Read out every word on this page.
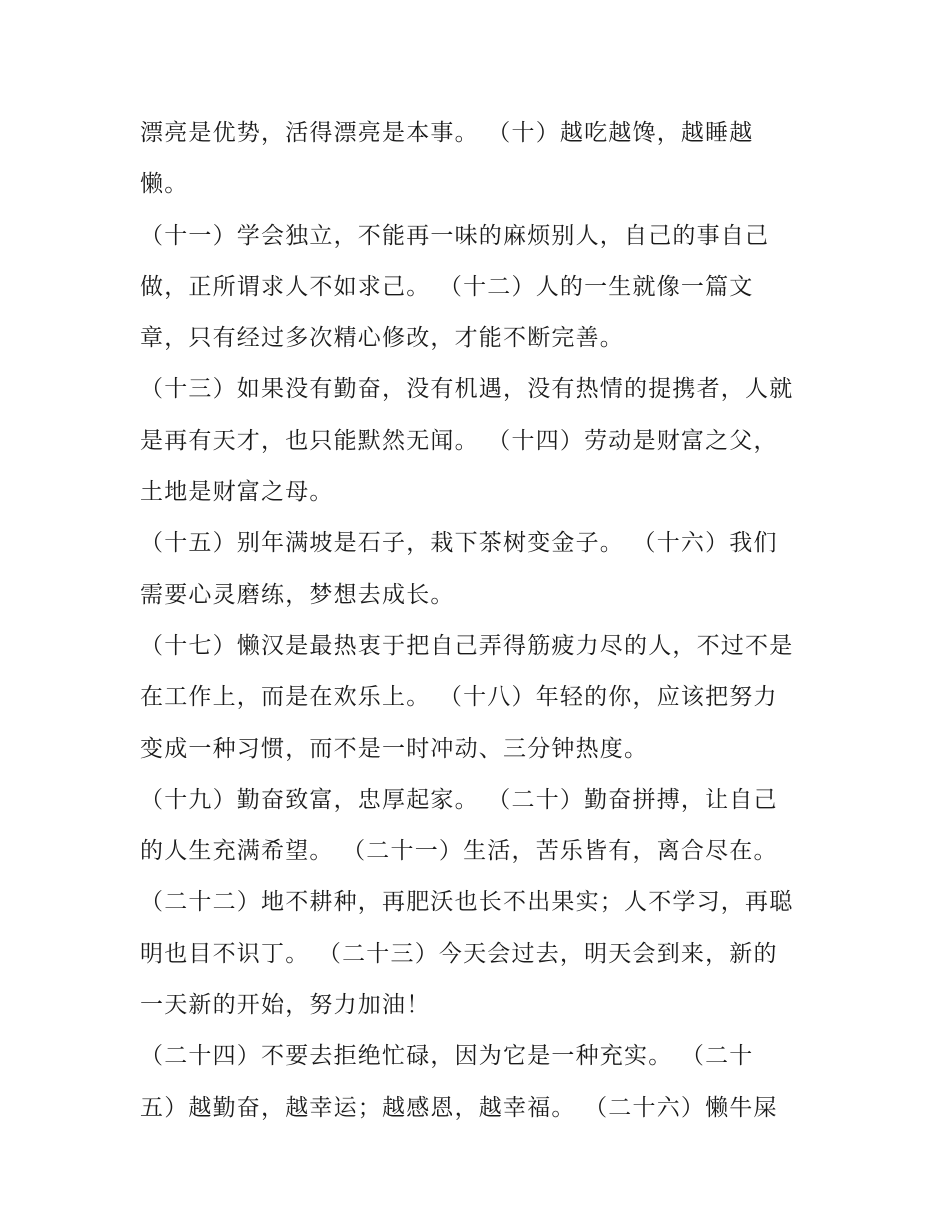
漂亮是优势，活得漂亮是本事。 （十）越吃越馋，越睡越
懒。
（十一）学会独立，不能再一味的麻烦别人，自己的事自己
做，正所谓求人不如求己。 （十二）人的一生就像一篇文
章，只有经过多次精心修改，才能不断完善。
（十三）如果没有勤奋，没有机遇，没有热情的提携者，人就
是再有天才，也只能默然无闻。 （十四）劳动是财富之父，
土地是财富之母。
（十五）别年满坡是石子，栽下茶树变金子。 （十六）我们
需要心灵磨练，梦想去成长。
（十七）懒汉是最热衷于把自己弄得筋疲力尽的人，不过不是
在工作上，而是在欢乐上。 （十八）年轻的你，应该把努力
变成一种习惯，而不是一时冲动、三分钟热度。
（十九）勤奋致富，忠厚起家。 （二十）勤奋拼搏，让自己
的人生充满希望。 （二十一）生活，苦乐皆有，离合尽在。
（二十二）地不耕种，再肥沃也长不出果实；人不学习，再聪
明也目不识丁。 （二十三）今天会过去，明天会到来，新的
一天新的开始，努力加油！
（二十四）不要去拒绝忙碌，因为它是一种充实。 （二十
五）越勤奋，越幸运；越感恩，越幸福。 （二十六）懒牛屎
